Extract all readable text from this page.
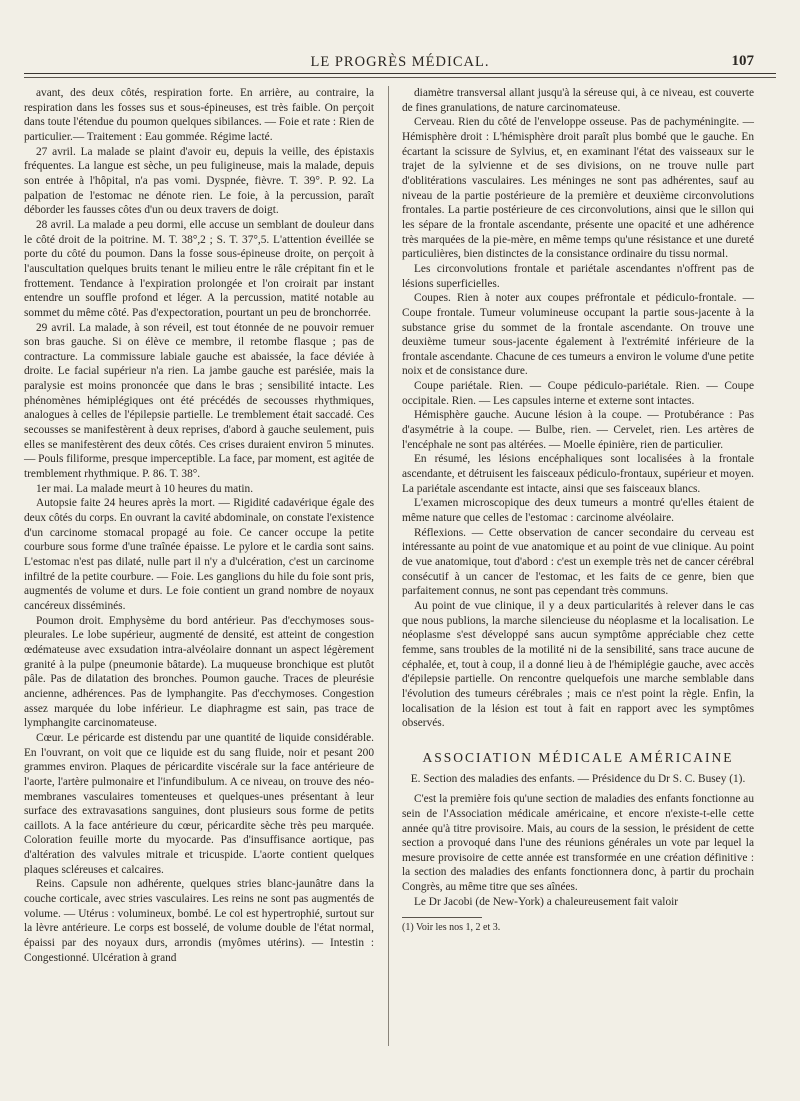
LE PROGRÈS MÉDICAL.	107

avant, des deux côtés, respiration forte. En arrière, au contraire, la respiration dans les fosses sus et sous-épineuses, est très faible. On perçoit dans toute l'étendue du poumon quelques sibilances. — Foie et rate : Rien de particulier.— Traitement : Eau gommée. Régime lacté.

27 avril. La malade se plaint d'avoir eu, depuis la veille, des épistaxis fréquentes. La langue est sèche, un peu fuligineuse, mais la malade, depuis son entrée à l'hôpital, n'a pas vomi. Dyspnée, fièvre. T. 39°. P. 92. La palpation de l'estomac ne dénote rien. Le foie, à la percussion, paraît déborder les fausses côtes d'un ou deux travers de doigt.

28 avril. La malade a peu dormi, elle accuse un semblant de douleur dans le côté droit de la poitrine. M. T. 38°,2 ; S. T. 37°,5. L'attention éveillée se porte du côté du poumon. Dans la fosse sous-épineuse droite, on perçoit à l'auscultation quelques bruits tenant le milieu entre le râle crépitant fin et le frottement. Tendance à l'expiration prolongée et l'on croirait par instant entendre un souffle profond et léger. A la percussion, matité notable au sommet du même côté. Pas d'expectoration, pourtant un peu de bronchorrée.

29 avril. La malade, à son réveil, est tout étonnée de ne pouvoir remuer son bras gauche. Si on élève ce membre, il retombe flasque ; pas de contracture. La commissure labiale gauche est abaissée, la face déviée à droite. Le facial supérieur n'a rien. La jambe gauche est parésiée, mais la paralysie est moins prononcée que dans le bras ; sensibilité intacte. Les phénomènes hémiplégiques ont été précédés de secousses rhythmiques, analogues à celles de l'épilepsie partielle. Le tremblement était saccadé. Ces secousses se manifestèrent à deux reprises, d'abord à gauche seulement, puis elles se manifestèrent des deux côtés. Ces crises duraient environ 5 minutes. — Pouls filiforme, presque imperceptible. La face, par moment, est agitée de tremblement rhythmique. P. 86. T. 38°.

1er mai. La malade meurt à 10 heures du matin.

Autopsie faite 24 heures après la mort. — Rigidité cadavérique égale des deux côtés du corps. En ouvrant la cavité abdominale, on constate l'existence d'un carcinome stomacal propagé au foie. Ce cancer occupe la petite courbure sous forme d'une traînée épaisse. Le pylore et le cardia sont sains. L'estomac n'est pas dilaté, nulle part il n'y a d'ulcération, c'est un carcinome infiltré de la petite courbure. — Foie. Les ganglions du hile du foie sont pris, augmentés de volume et durs. Le foie contient un grand nombre de noyaux cancéreux disséminés.

Poumon droit. Emphysème du bord antérieur. Pas d'ecchymoses sous-pleurales. Le lobe supérieur, augmenté de densité, est atteint de congestion œdémateuse avec exsudation intra-alvéolaire donnant un aspect légèrement granité à la pulpe (pneumonie bâtarde). La muqueuse bronchique est plutôt pâle. Pas de dilatation des bronches. Poumon gauche. Traces de pleurésie ancienne, adhérences. Pas de lymphangite. Pas d'ecchymoses. Congestion assez marquée du lobe inférieur. Le diaphragme est sain, pas trace de lymphangite carcinomateuse.

Cœur. Le péricarde est distendu par une quantité de liquide considérable. En l'ouvrant, on voit que ce liquide est du sang fluide, noir et pesant 200 grammes environ. Plaques de péricardite viscérale sur la face antérieure de l'aorte, l'artère pulmonaire et l'infundibulum. A ce niveau, on trouve des néo-membranes vasculaires tomenteuses et quelques-unes présentant à leur surface des extravasations sanguines, dont plusieurs sous forme de petits caillots. A la face antérieure du cœur, péricardite sèche très peu marquée. Coloration feuille morte du myocarde. Pas d'insuffisance aortique, pas d'altération des valvules mitrale et tricuspide. L'aorte contient quelques plaques scléreuses et calcaires.

Reins. Capsule non adhérente, quelques stries blanc-jaunâtre dans la couche corticale, avec stries vasculaires. Les reins ne sont pas augmentés de volume. — Utérus : volumineux, bombé. Le col est hypertrophié, surtout sur la lèvre antérieure. Le corps est bosselé, de volume double de l'état normal, épaissi par des noyaux durs, arrondis (myômes utérins). — Intestin : Congestionné. Ulcération à grand

diamètre transversal allant jusqu'à la séreuse qui, à ce niveau, est couverte de fines granulations, de nature carcinomateuse.

Cerveau. Rien du côté de l'enveloppe osseuse. Pas de pachyméningite. — Hémisphère droit : L'hémisphère droit paraît plus bombé que le gauche. En écartant la scissure de Sylvius, et, en examinant l'état des vaisseaux sur le trajet de la sylvienne et de ses divisions, on ne trouve nulle part d'oblitérations vasculaires. Les méninges ne sont pas adhérentes, sauf au niveau de la partie postérieure de la première et deuxième circonvolutions frontales. La partie postérieure de ces circonvolutions, ainsi que le sillon qui les sépare de la frontale ascendante, présente une opacité et une adhérence très marquées de la pie-mère, en même temps qu'une résistance et une dureté particulières, bien distinctes de la consistance ordinaire du tissu normal.

Les circonvolutions frontale et pariétale ascendantes n'offrent pas de lésions superficielles.

Coupes. Rien à noter aux coupes préfrontale et pédiculo-frontale. — Coupe frontale. Tumeur volumineuse occupant la partie sous-jacente à la substance grise du sommet de la frontale ascendante. On trouve une deuxième tumeur sous-jacente également à l'extrémité inférieure de la frontale ascendante. Chacune de ces tumeurs a environ le volume d'une petite noix et de consistance dure.

Coupe pariétale. Rien. — Coupe pédiculo-pariétale. Rien. — Coupe occipitale. Rien. — Les capsules interne et externe sont intactes.

Hémisphère gauche. Aucune lésion à la coupe. — Protubérance : Pas d'asymétrie à la coupe. — Bulbe, rien. — Cervelet, rien. Les artères de l'encéphale ne sont pas altérées. — Moelle épinière, rien de particulier.

En résumé, les lésions encéphaliques sont localisées à la frontale ascendante, et détruisent les faisceaux pédiculo-frontaux, supérieur et moyen. La pariétale ascendante est intacte, ainsi que ses faisceaux blancs.

L'examen microscopique des deux tumeurs a montré qu'elles étaient de même nature que celles de l'estomac : carcinome alvéolaire.

Réflexions. — Cette observation de cancer secondaire du cerveau est intéressante au point de vue anatomique et au point de vue clinique. Au point de vue anatomique, tout d'abord : c'est un exemple très net de cancer cérébral consécutif à un cancer de l'estomac, et les faits de ce genre, bien que parfaitement connus, ne sont pas cependant très communs.

Au point de vue clinique, il y a deux particularités à relever dans le cas que nous publions, la marche silencieuse du néoplasme et la localisation. Le néoplasme s'est développé sans aucun symptôme appréciable chez cette femme, sans troubles de la motilité ni de la sensibilité, sans trace aucune de céphalée, et, tout à coup, il a donné lieu à de l'hémiplégie gauche, avec accès d'épilepsie partielle. On rencontre quelquefois une marche semblable dans l'évolution des tumeurs cérébrales ; mais ce n'est point la règle. Enfin, la localisation de la lésion est tout à fait en rapport avec les symptômes observés.

ASSOCIATION MÉDICALE AMÉRICAINE

E. Section des maladies des enfants. — Présidence du Dr S. C. Busey (1).

C'est la première fois qu'une section de maladies des enfants fonctionne au sein de l'Association médicale américaine, et encore n'existe-t-elle cette année qu'à titre provisoire. Mais, au cours de la session, le président de cette section a provoqué dans l'une des réunions générales un vote par lequel la mesure provisoire de cette année est transformée en une création définitive : la section des maladies des enfants fonctionnera donc, à partir du prochain Congrès, au même titre que ses aînées.

Le Dr Jacobi (de New-York) a chaleureusement fait valoir

(1) Voir les nos 1, 2 et 3.
